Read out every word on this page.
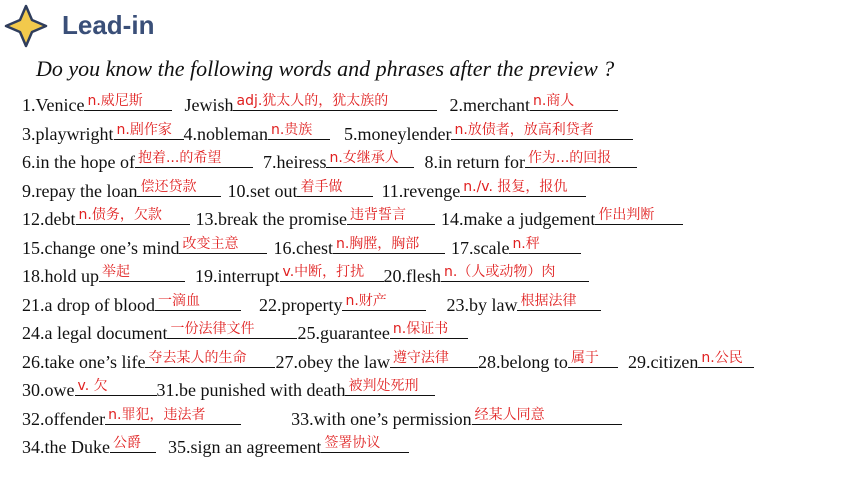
Lead-in
Do you know the following words and phrases after the preview ?
1.Venice n.威尼斯 Jewish adj.犹太人的，犹太族的	2.merchant n.商人
3.playwright n.剧作家 4.nobleman n.贵族 5.moneylender n.放债者，放高利贷者
6.in the hope of 抱着...的希望 7.heiress n.女继承人 8.in return for 作为...的回报
9.repay the loan 偿还贷款 10.set out 着手做 11.revenge n./v. 报复，报仇
12.debt n.债务，欠款 13.break the promise 违背誓言 14.make a judgement 作出判断
15.change one’s mind 改变主意 16.chest n.胸膛，胸部 17.scale n.秤
18.hold up 举起	19.interrupt v.中断，打扰 20.flesh n.（人或动物）肉
21.a drop of blood 一滴血	22.property n.财产	23.by law 根据法律
24.a legal document 一份法律文件 25.guarantee n.保证书
26.take one’s life 夺去某人的生命 27.obey the law 遵守法律 28.belong to 属于 29.citizen n.公民
30.owe v. 欠	31.be punished with death 被判处死刑
32.offender n.罪犯，违法者	33.with one’s permission 经某人同意
34.the Duke 公爵 35.sign an agreement 签署协议
